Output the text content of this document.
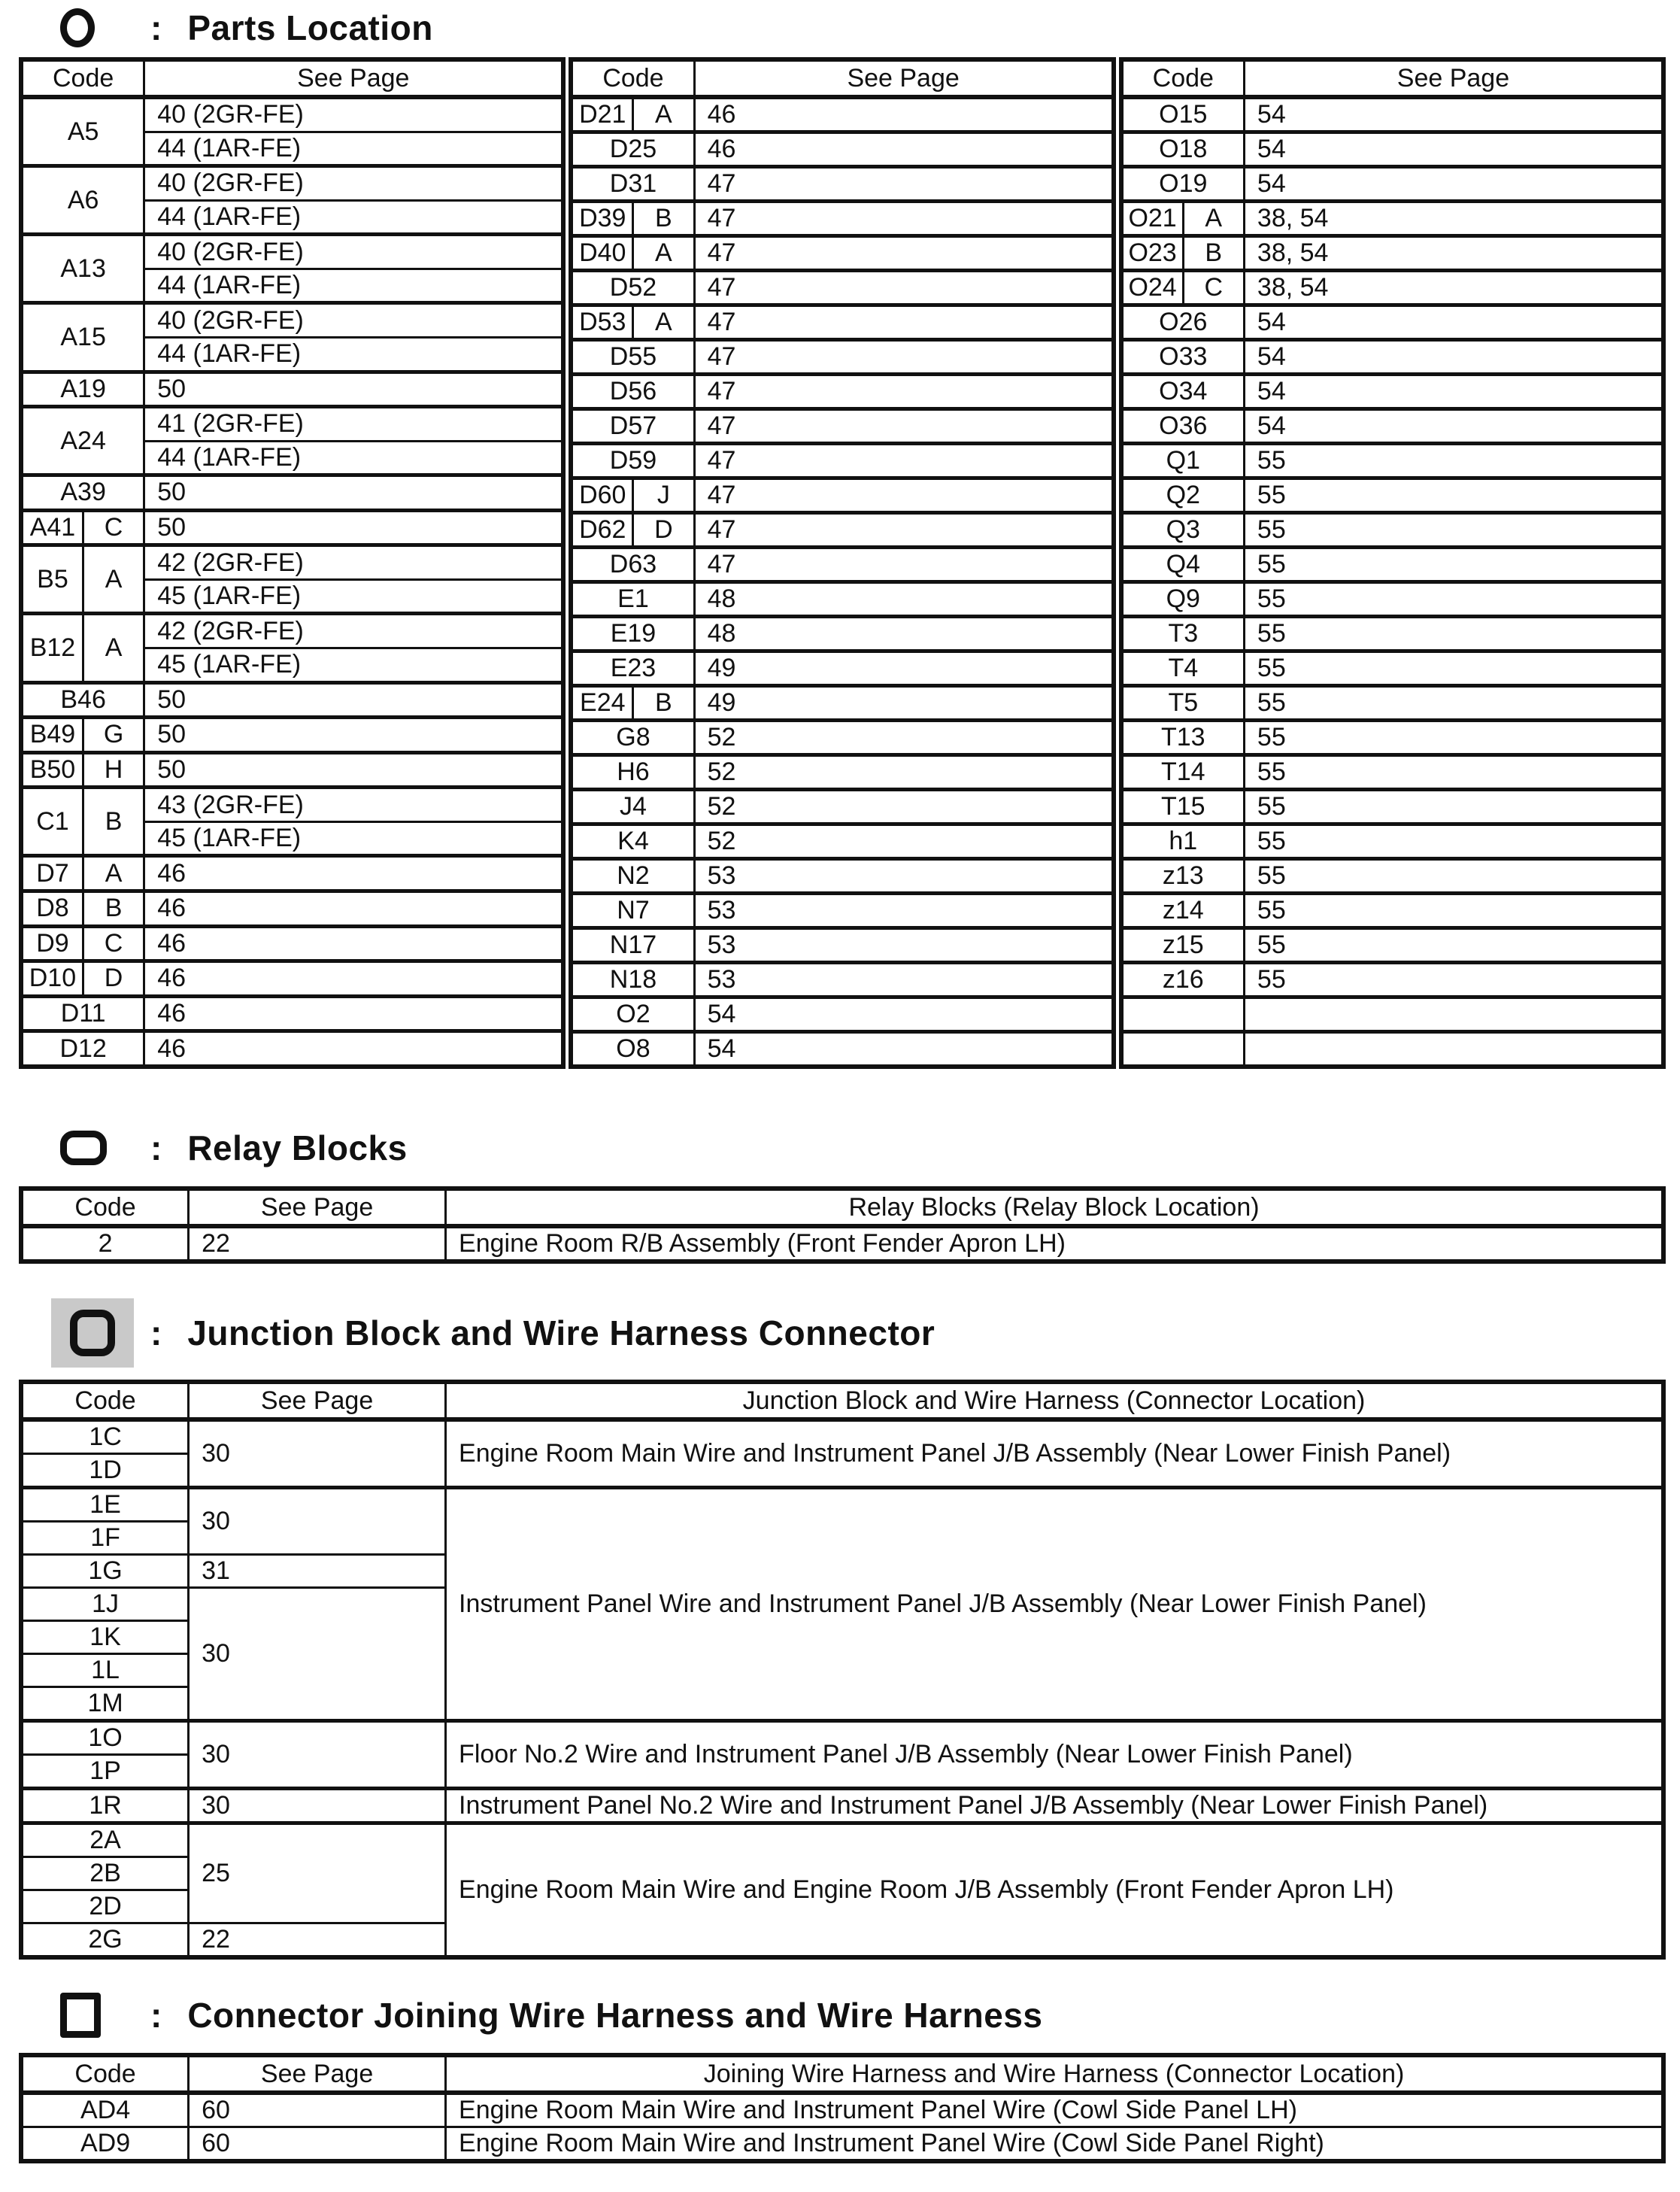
: Parts Location
Code		See Page
A5		40 (2GR-FE)
		44 (1AR-FE)
A6		40 (2GR-FE)
		44 (1AR-FE)
A13		40 (2GR-FE)
		44 (1AR-FE)
A15		40 (2GR-FE)
		44 (1AR-FE)
A19		50
A24		41 (2GR-FE)
		44 (1AR-FE)
A39		50
A41	C	50
B5	A	42 (2GR-FE)
		45 (1AR-FE)
B12	A	42 (2GR-FE)
		45 (1AR-FE)
B46		50
B49	G	50
B50	H	50
C1	B	43 (2GR-FE)
		45 (1AR-FE)
D7	A	46
D8	B	46
D9	C	46
D10	D	46
D11		46
D12		46
Code		See Page
D21	A	46
D25		46
D31		47
D39	B	47
D40	A	47
D52		47
D53	A	47
D55		47
D56		47
D57		47
D59		47
D60	J	47
D62	D	47
D63		47
E1		48
E19		48
E23		49
E24	B	49
G8		52
H6		52
J4		52
K4		52
N2		53
N7		53
N17		53
N18		53
O2		54
O8		54
Code		See Page
O15		54
O18		54
O19		54
O21	A	38, 54
O23	B	38, 54
O24	C	38, 54
O26		54
O33		54
O34		54
O36		54
Q1		55
Q2		55
Q3		55
Q4		55
Q9		55
T3		55
T4		55
T5		55
T13		55
T14		55
T15		55
h1		55
z13		55
z14		55
z15		55
z16		55

: Relay Blocks
Code	See Page	Relay Blocks (Relay Block Location)
2	22	Engine Room R/B Assembly (Front Fender Apron LH)
: Junction Block and Wire Harness Connector
Code	See Page	Junction Block and Wire Harness (Connector Location)
1C	30	Engine Room Main Wire and Instrument Panel J/B Assembly (Near Lower Finish Panel)
1D		
1E	30	Instrument Panel Wire and Instrument Panel J/B Assembly (Near Lower Finish Panel)
1F		
1G	31	
1J	30	
1K		
1L		
1M		
1O	30	Floor No.2 Wire and Instrument Panel J/B Assembly (Near Lower Finish Panel)
1P		
1R	30	Instrument Panel No.2 Wire and Instrument Panel J/B Assembly (Near Lower Finish Panel)
2A	25	Engine Room Main Wire and Engine Room J/B Assembly (Front Fender Apron LH)
2B		
2D		
2G	22	
: Connector Joining Wire Harness and Wire Harness
Code	See Page	Joining Wire Harness and Wire Harness (Connector Location)
AD4	60	Engine Room Main Wire and Instrument Panel Wire (Cowl Side Panel LH)
AD9	60	Engine Room Main Wire and Instrument Panel Wire (Cowl Side Panel Right)
